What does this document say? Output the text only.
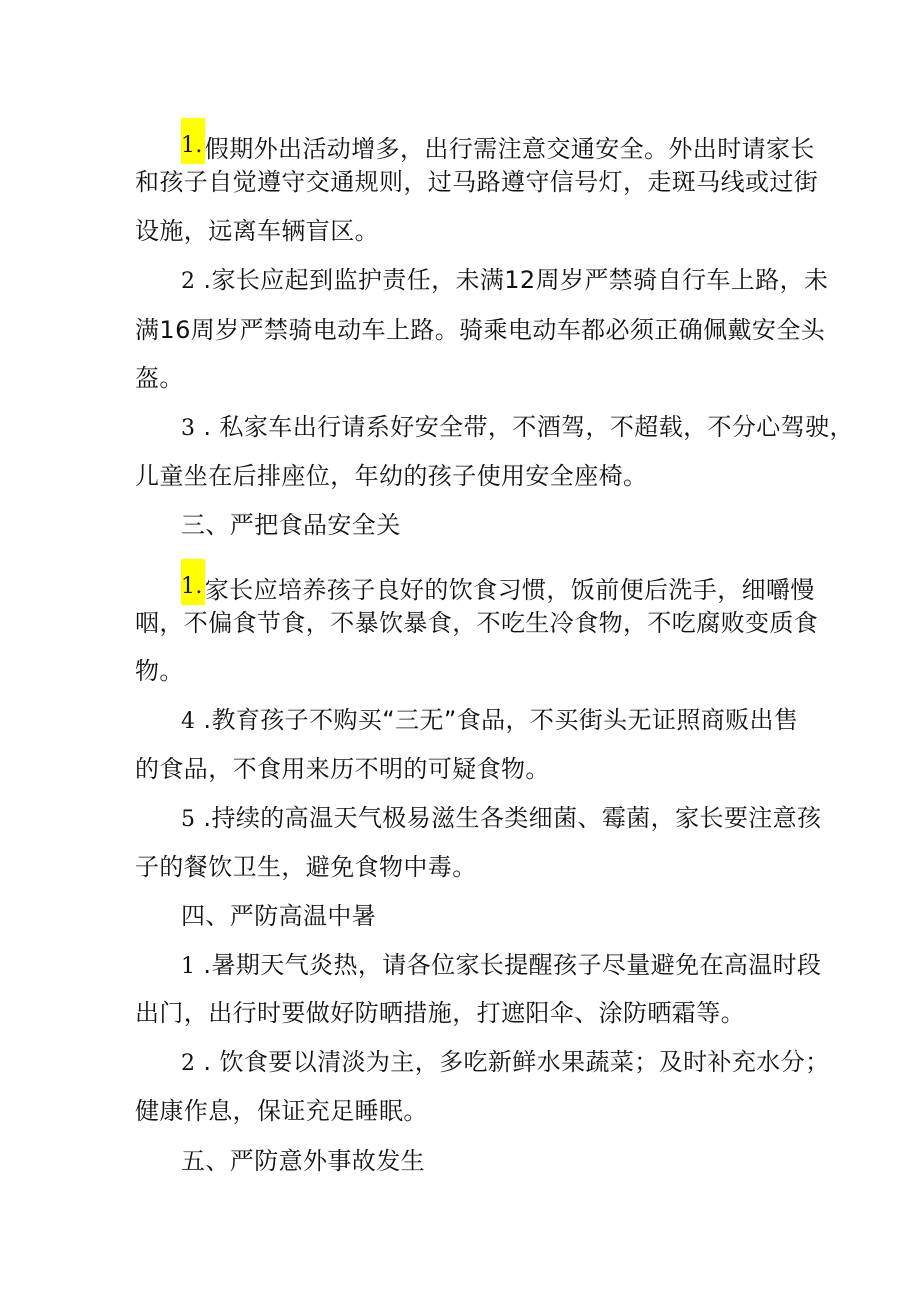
1.假期外出活动增多，出行需注意交通安全。外出时请家长
和孩子自觉遵守交通规则，过马路遵守信号灯，走斑马线或过街
设施，远离车辆盲区。
2 .家长应起到监护责任，未满12周岁严禁骑自行车上路，未
满16周岁严禁骑电动车上路。骑乘电动车都必须正确佩戴安全头
盔。
3 . 私家车出行请系好安全带，不酒驾，不超载，不分心驾驶，
儿童坐在后排座位，年幼的孩子使用安全座椅。
三、严把食品安全关
1.家长应培养孩子良好的饮食习惯，饭前便后洗手，细嚼慢
咽，不偏食节食，不暴饮暴食，不吃生冷食物，不吃腐败变质食
物。
4 .教育孩子不购买“三无”食品，不买街头无证照商贩出售
的食品，不食用来历不明的可疑食物。
5 .持续的高温天气极易滋生各类细菌、霉菌，家长要注意孩
子的餐饮卫生，避免食物中毒。
四、严防高温中暑
1 .暑期天气炎热，请各位家长提醒孩子尽量避免在高温时段
出门，出行时要做好防晒措施，打遮阳伞、涂防晒霜等。
2 . 饮食要以清淡为主，多吃新鲜水果蔬菜；及时补充水分；
健康作息，保证充足睡眠。
五、严防意外事故发生
